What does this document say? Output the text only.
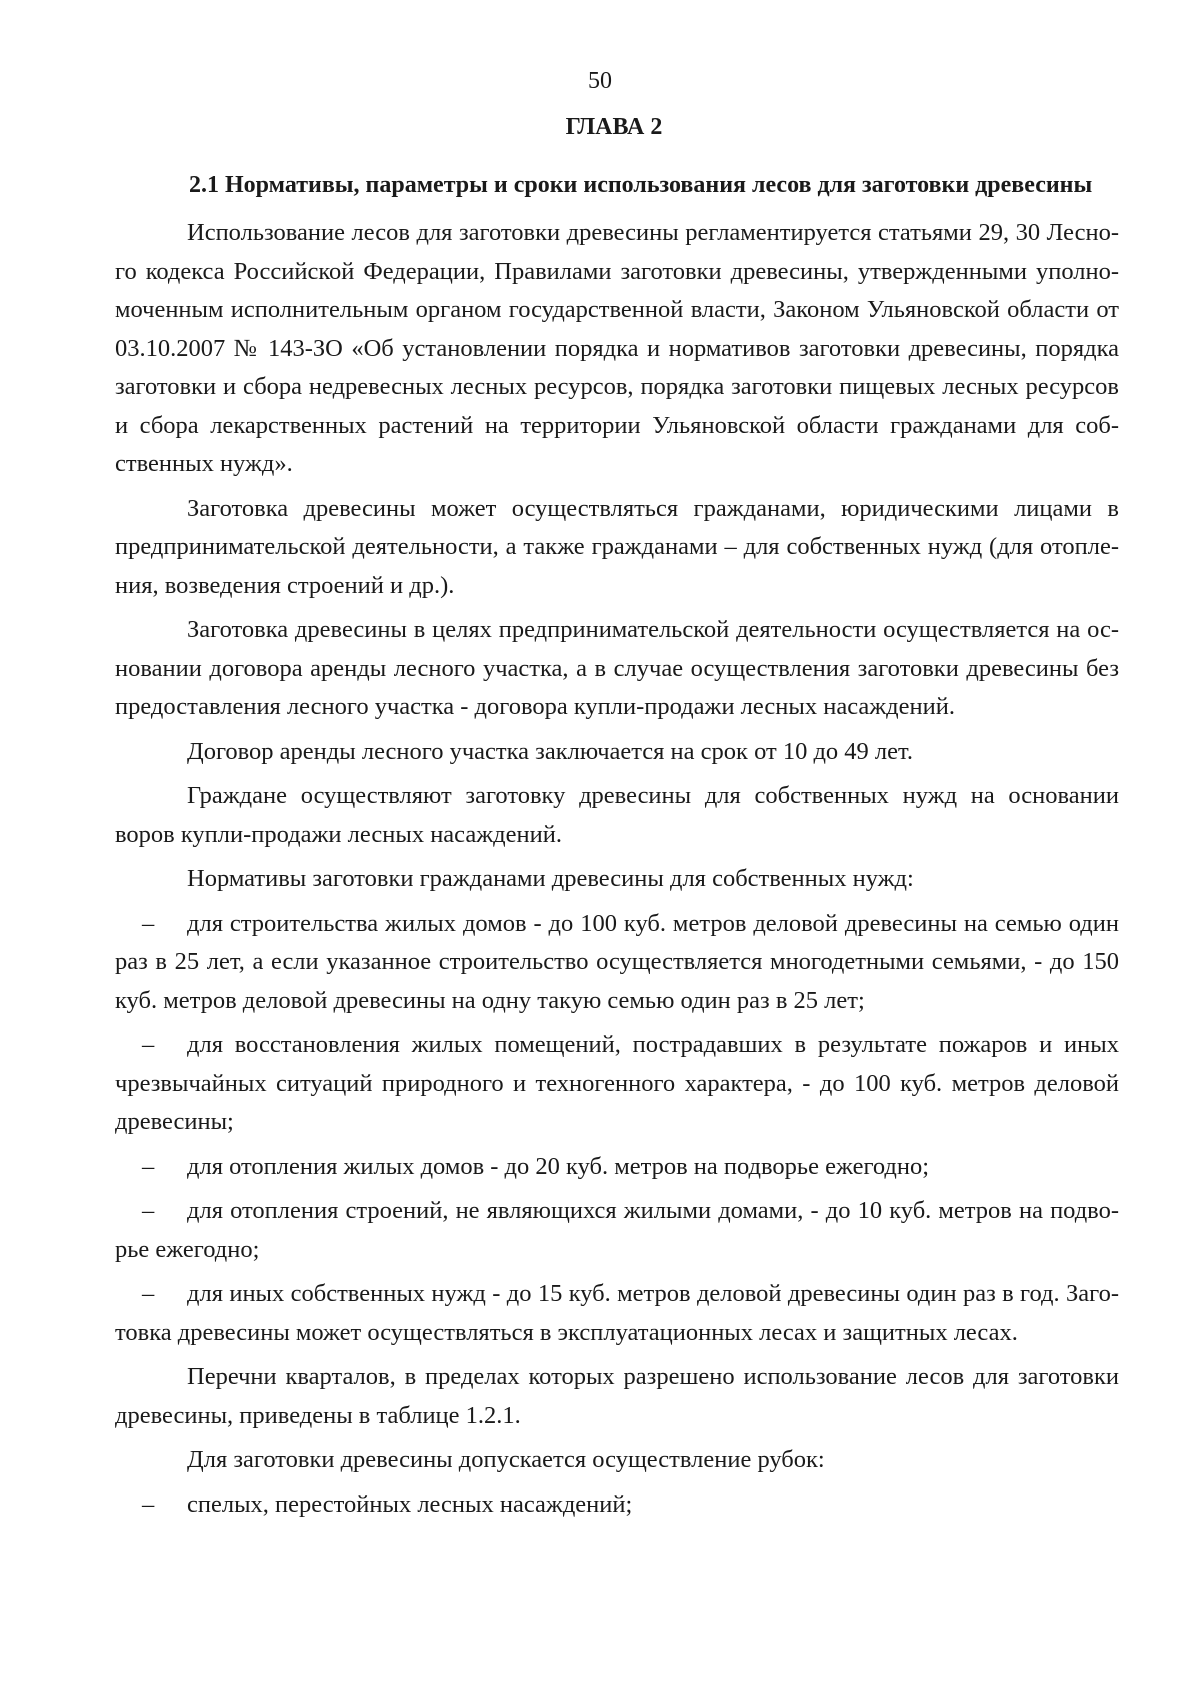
50
ГЛАВА 2
2.1 Нормативы, параметры и сроки использования лесов для заготовки древесины
Использование лесов для заготовки древесины регламентируется статьями 29, 30 Лесно-
го кодекса Российской Федерации, Правилами заготовки древесины, утвержденными уполно-
моченным исполнительным органом государственной власти, Законом Ульяновской области от
03.10.2007 № 143-ЗО «Об установлении порядка и нормативов заготовки древесины, порядка
заготовки и сбора недревесных лесных ресурсов, порядка заготовки пищевых лесных ресурсов
и сбора лекарственных растений на территории Ульяновской области гражданами для соб-
ственных нужд».
Заготовка древесины может осуществляться гражданами, юридическими лицами в
предпринимательской деятельности, а также гражданами – для собственных нужд (для отопле-
ния, возведения строений и др.).
Заготовка древесины в целях предпринимательской деятельности осуществляется на ос-
новании договора аренды лесного участка, а в случае осуществления заготовки древесины без
предоставления лесного участка - договора купли-продажи лесных насаждений.
Договор аренды лесного участка заключается на срок от 10 до 49 лет.
Граждане осуществляют заготовку древесины для собственных нужд на основании
воров купли-продажи лесных насаждений.
Нормативы заготовки гражданами древесины для собственных нужд:
– для строительства жилых домов - до 100 куб. метров деловой древесины на семью один
раз в 25 лет, а если указанное строительство осуществляется многодетными семьями, - до 150
куб. метров деловой древесины на одну такую семью один раз в 25 лет;
– для восстановления жилых помещений, пострадавших в результате пожаров и иных
чрезвычайных ситуаций природного и техногенного характера, - до 100 куб. метров деловой
древесины;
– для отопления жилых домов - до 20 куб. метров на подворье ежегодно;
– для отопления строений, не являющихся жилыми домами, - до 10 куб. метров на подво-
рье ежегодно;
– для иных собственных нужд - до 15 куб. метров деловой древесины один раз в год. Заго-
товка древесины может осуществляться в эксплуатационных лесах и защитных лесах.
Перечни кварталов, в пределах которых разрешено использование лесов для заготовки
древесины, приведены в таблице 1.2.1.
Для заготовки древесины допускается осуществление рубок:
– спелых, перестойных лесных насаждений;
